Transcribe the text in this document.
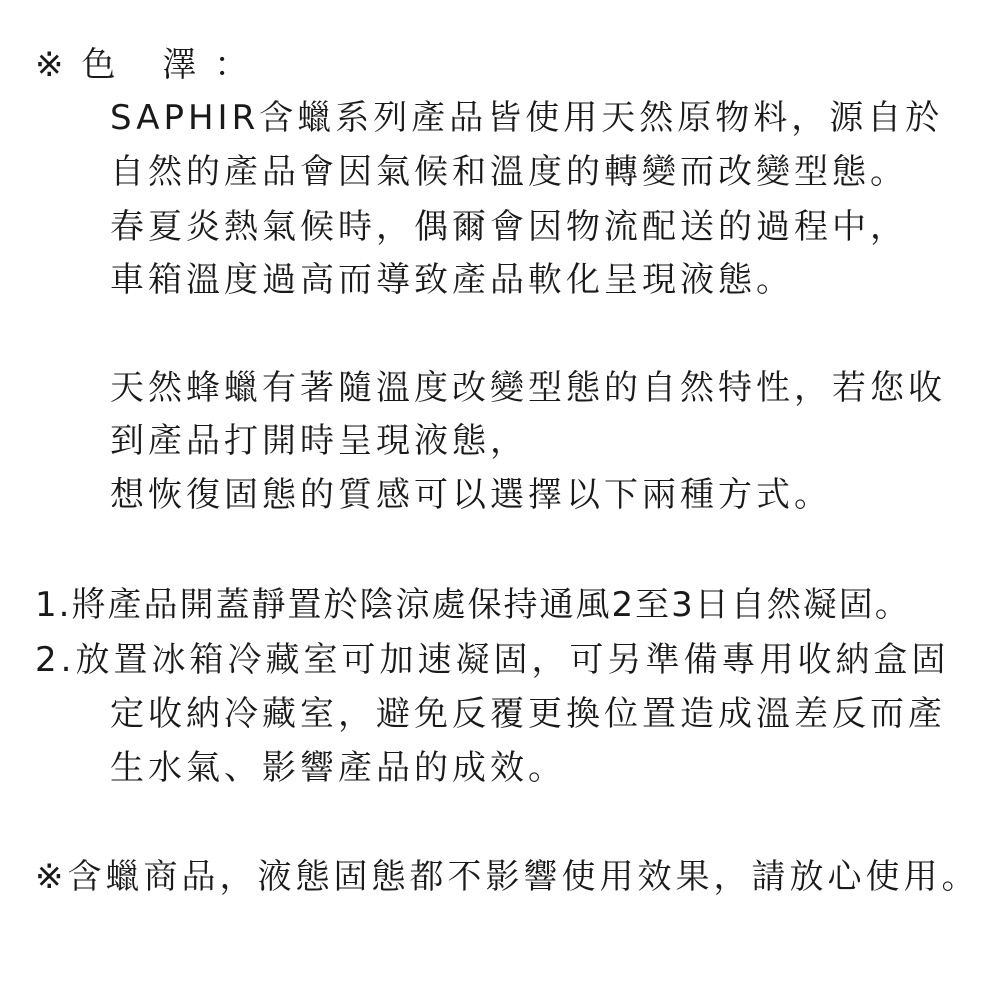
※色 澤：
SAPHIR含蠟系列產品皆使用天然原物料，源自於
自然的產品會因氣候和溫度的轉變而改變型態。
春夏炎熱氣候時，偶爾會因物流配送的過程中，
車箱溫度過高而導致產品軟化呈現液態。
天然蜂蠟有著隨溫度改變型態的自然特性，若您收
到產品打開時呈現液態，
想恢復固態的質感可以選擇以下兩種方式。
1.將產品開蓋靜置於陰涼處保持通風2至3日自然凝固。
2.放置冰箱冷藏室可加速凝固，可另準備專用收納盒固
定收納冷藏室，避免反覆更換位置造成溫差反而產
生水氣、影響產品的成效。
※含蠟商品，液態固態都不影響使用效果，請放心使用。
